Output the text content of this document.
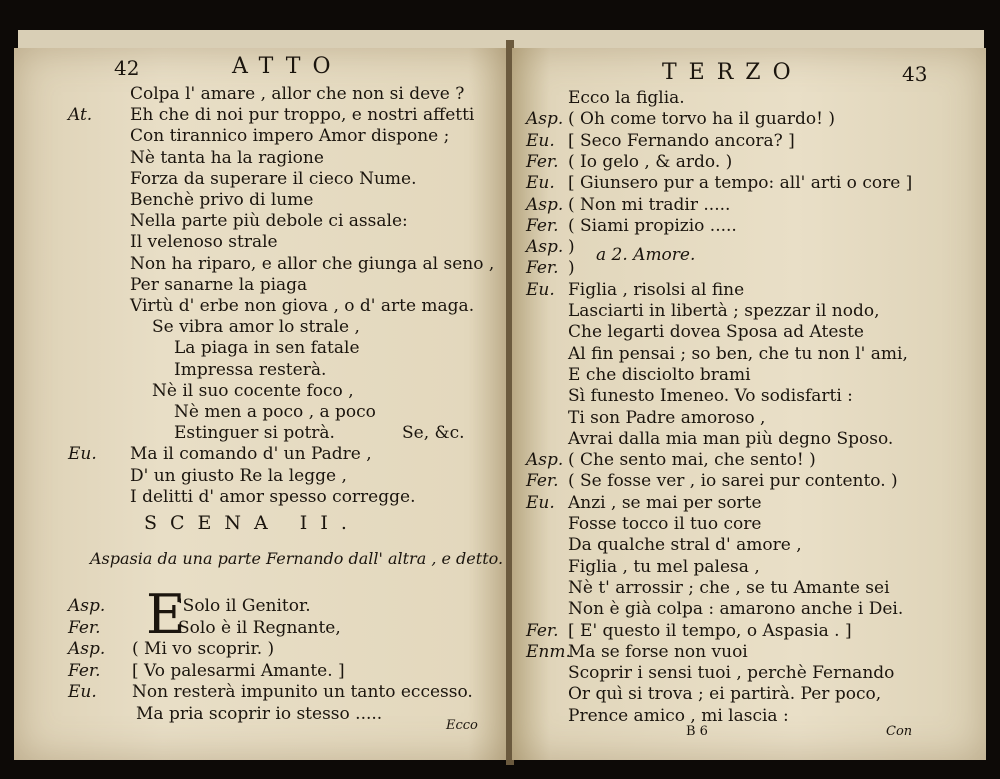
42	ATTO
Colpa l' amare , allor che non si deve ?
At. Eh che di noi pur troppo, e nostri affetti
Con tirannico impero Amor dispone ;
Nè tanta ha la ragione
Forza da superare il cieco Nume.
Benchè privo di lume
Nella parte più debole ci assale:
Il velenoso strale
Non ha riparo, e allor che giunga al seno ,
Per sanarne la piaga
Virtù d' erbe non giova , o d' arte maga.
Se vibra amor lo strale ,
La piaga in sen fatale
Impressa resterà.
Nè il suo cocente foco ,
Nè men a poco , a poco
Estinguer si potrà.
Eu. Ma il comando d' un Padre ,
D' un giusto Re la legge ,
I delitti d' amor spesso corregge.
Se, &c.
SCENA II.
Aspasia da una parte Fernando dall' altra , e detto.
E
Asp.	'Solo il Genitor.
Fer.	Solo è il Regnante,
Asp. ( Mi vo scoprir. )
Fer. [ Vo palesarmi Amante. ]
Eu. Non resterà impunito un tanto eccesso.
Ma pria scoprir io stesso .....
Ecco
TERZO	43
Ecco la figlia.
Asp. ( Oh come torvo ha il guardo! )
Eu. [ Seco Fernando ancora? ]
Fer. ( Io gelo , & ardo. )
Eu. [ Giunsero pur a tempo: all' arti o core ]
Asp. ( Non mi tradir .....
Fer. ( Siami propizio .....
Asp. )
Fer. )
Eu. Figlia , risolsi al fine
Lasciarti in libertà ; spezzar il nodo,
Che legarti dovea Sposa ad Ateste
Al fin pensai ; so ben, che tu non l' ami,
E che disciolto brami
Sì funesto Imeneo. Vo sodisfarti :
Ti son Padre amoroso ,
Avrai dalla mia man più degno Sposo.
Asp. ( Che sento mai, che sento! )
Fer. ( Se fosse ver , io sarei pur contento. )
Eu. Anzi , se mai per sorte
Fosse tocco il tuo core
Da qualche stral d' amore ,
Figlia , tu mel palesa ,
Nè t' arrossir ; che , se tu Amante sei
Non è già colpa : amarono anche i Dei.
Fer. [ E' questo il tempo, o Aspasia . ]
Enm.
Ma se forse non vuoi
Scoprir i sensi tuoi , perchè Fernando
Or quì si trova ; ei partirà. Per poco,
Prence amico , mi lascia :
a 2. Amore.
B 6	Con
